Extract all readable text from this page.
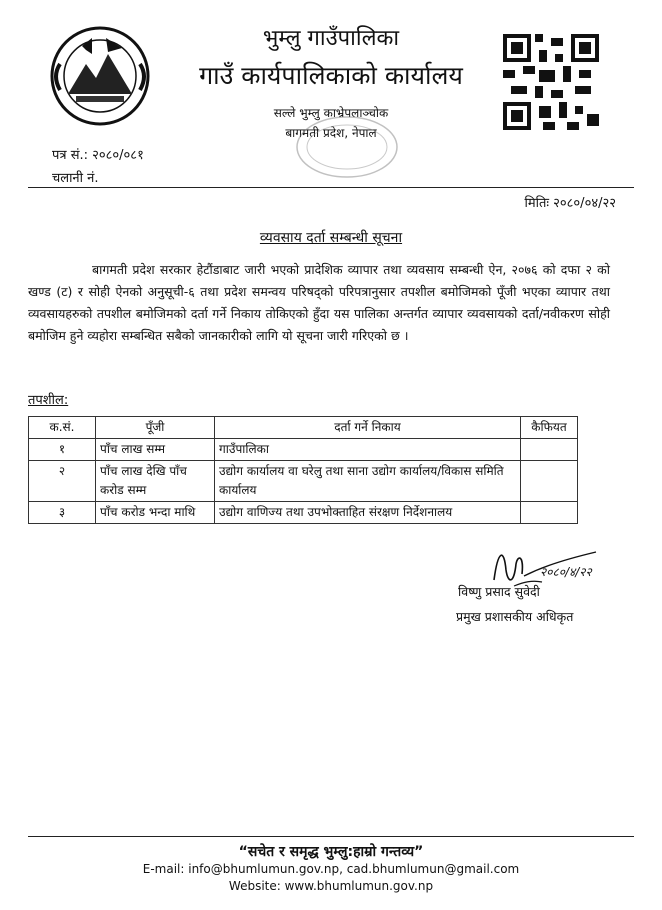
भुम्लु गाउँपालिका
गाउँ कार्यपालिकाको कार्यालय
सल्ले भुम्लु काभ्रेपलाञ्चोक
बागमती प्रदेश, नेपाल
पत्र सं.: २०८०/०८१
चलानी नं.
मितिः २०८०/०४/२२
व्यवसाय दर्ता सम्बन्धी सूचना

बागमती प्रदेश सरकार हेटौंडाबाट जारी भएको प्रादेशिक व्यापार तथा व्यवसाय सम्बन्धी ऐन, २०७६ को दफा २ को खण्ड (ट) र सोही ऐनको अनुसूची-६ तथा प्रदेश समन्वय परिषद्को परिपत्रानुसार तपशील बमोजिमको पूँजी भएका व्यापार तथा व्यवसायहरुको तपशील बमोजिमको दर्ता गर्ने निकाय तोकिएको हुँदा यस पालिका अन्तर्गत व्यापार व्यवसायको दर्ता/नवीकरण सोही बमोजिम हुने व्यहोरा सम्बन्धित सबैको जानकारीको लागि यो सूचना जारी गरिएको छ ।

तपशील:
क.सं.	पूँजी	दर्ता गर्ने निकाय	कैफियत
१	पाँच लाख सम्म	गाउँपालिका	
२	पाँच लाख देखि पाँच करोड सम्म	उद्योग कार्यालय वा घरेलु तथा साना उद्योग कार्यालय/विकास समिति कार्यालय	
३	पाँच करोड भन्दा माथि	उद्योग वाणिज्य तथा उपभोक्ताहित संरक्षण निर्देशनालय	
२०८०/४/२२
विष्णु प्रसाद सुवेदी
प्रमुख प्रशासकीय अधिकृत
“सचेत र समृद्ध भुम्लु:हाम्रो गन्तव्य”
E-mail: info@bhumlumun.gov.np, cad.bhumlumun@gmail.com
Website: www.bhumlumun.gov.np
